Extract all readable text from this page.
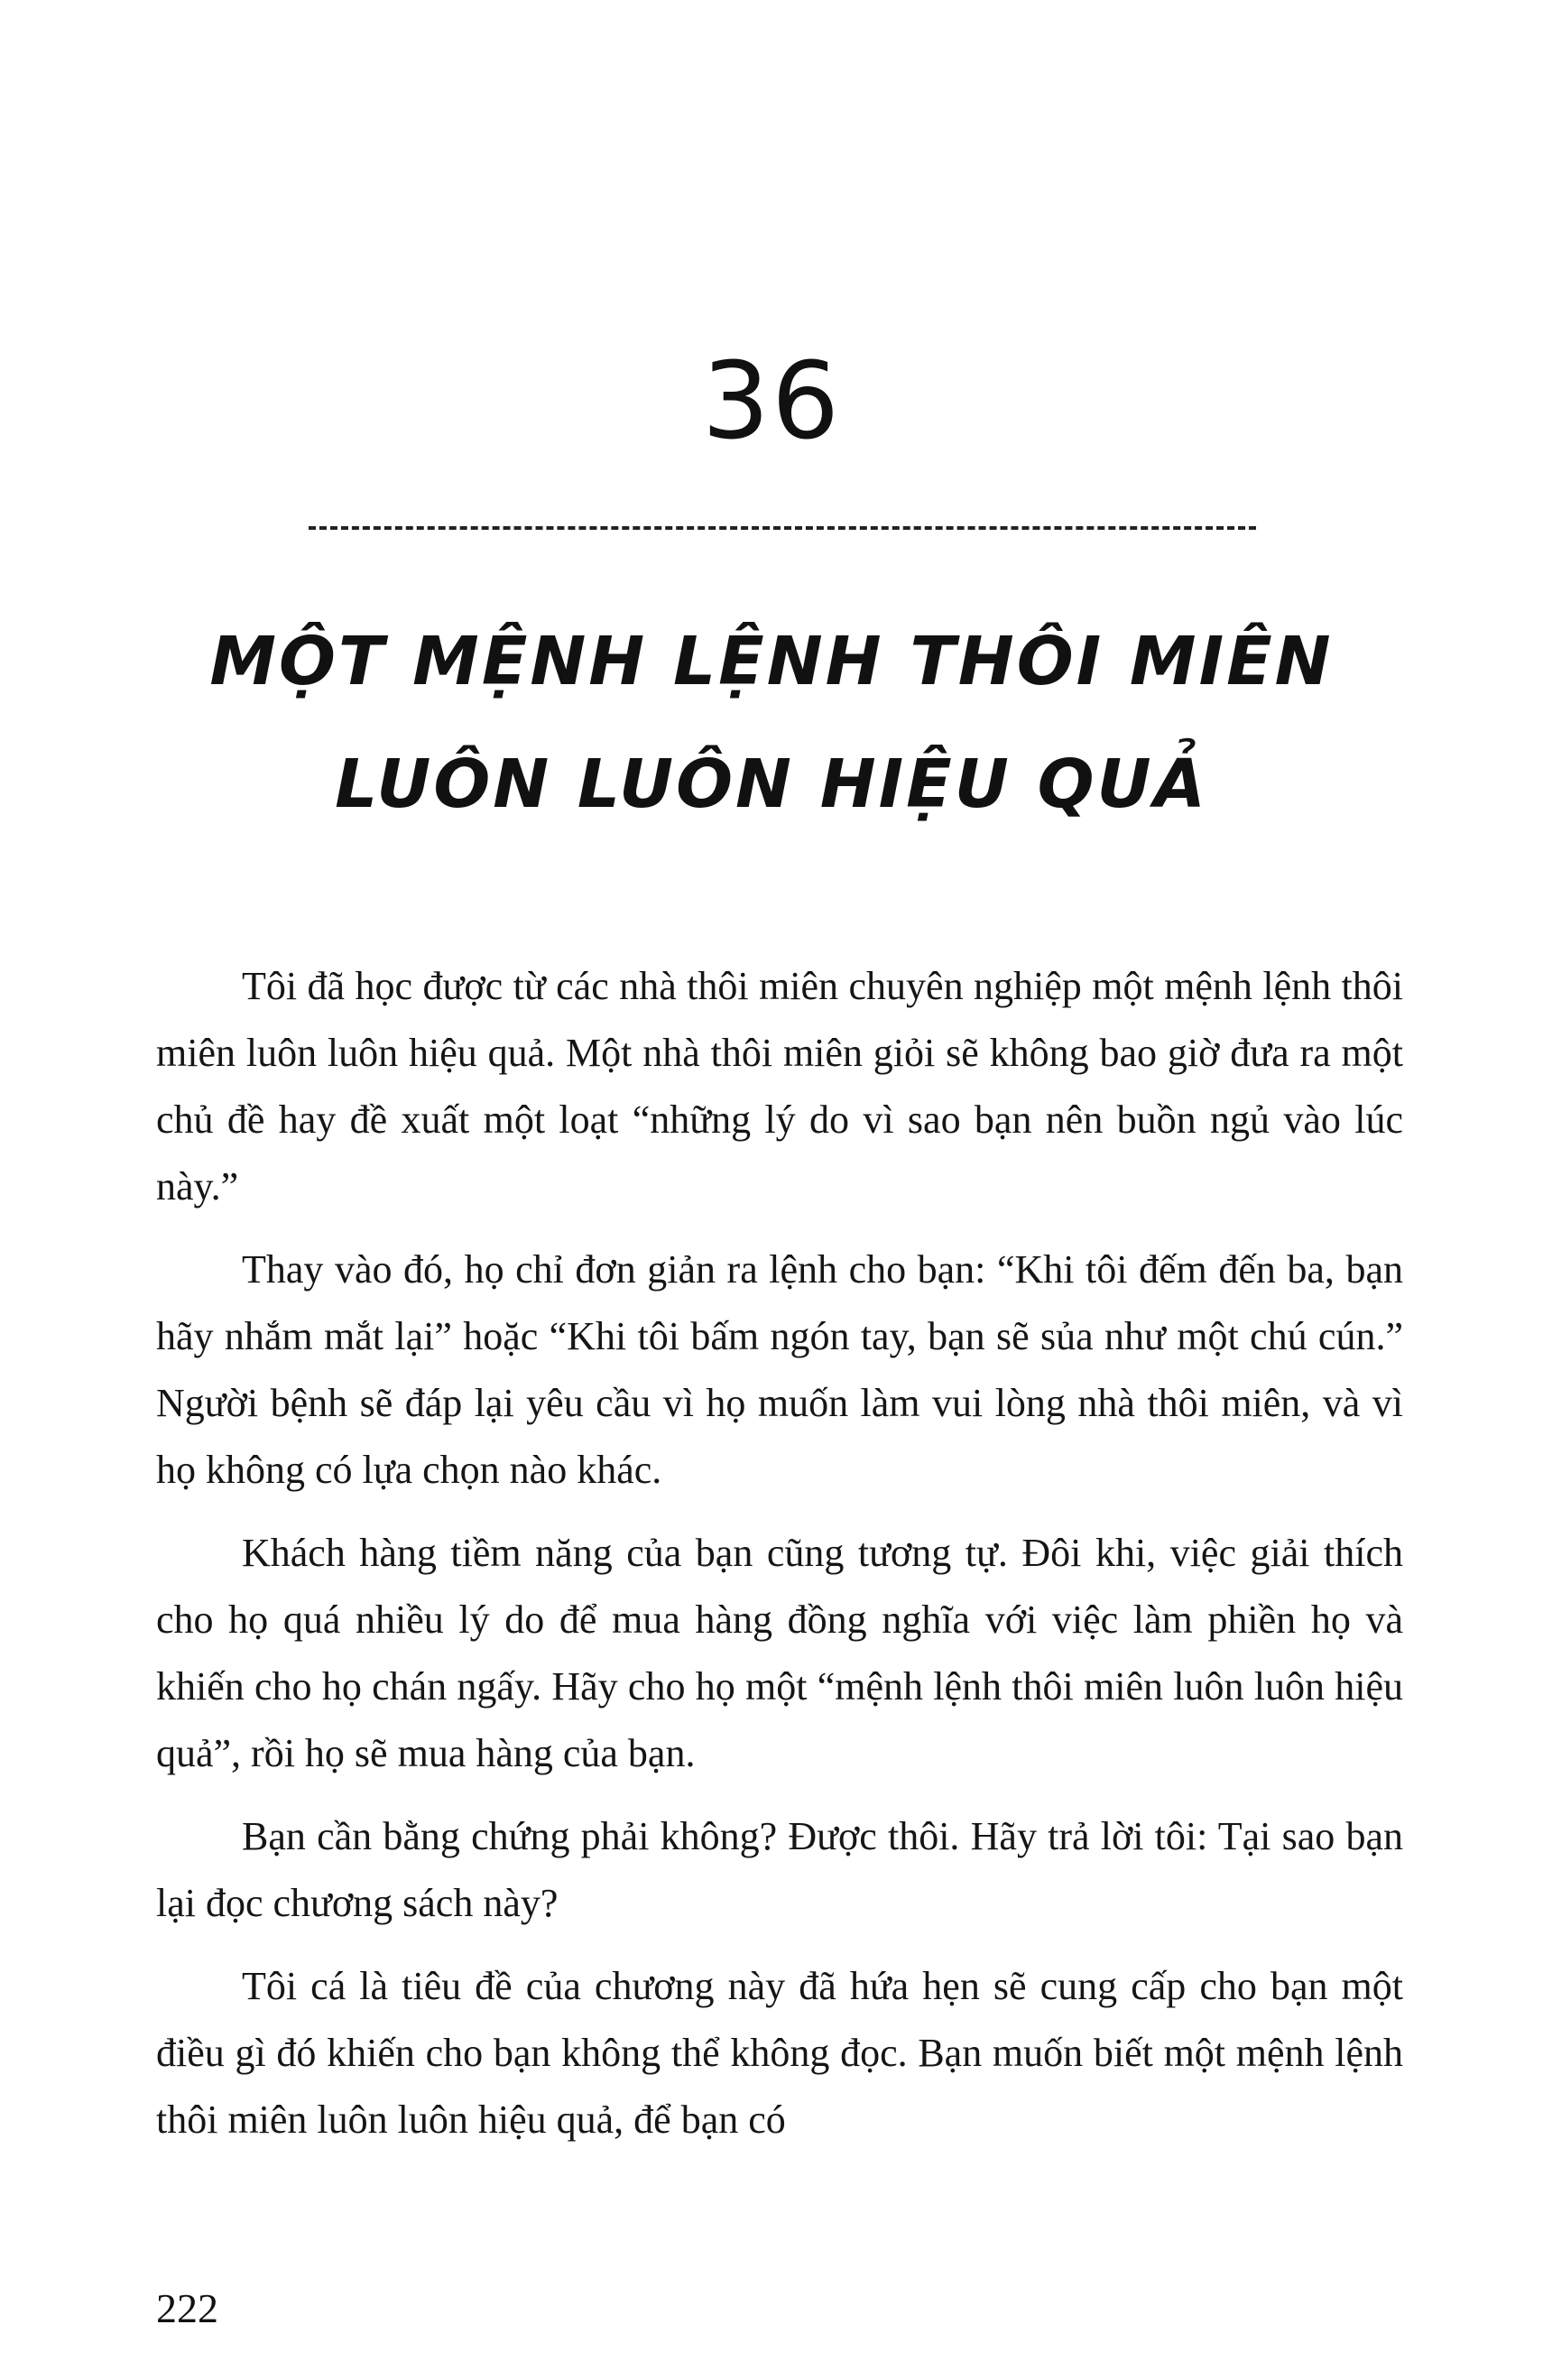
36
MỘT MỆNH LỆNH THÔI MIÊN
LUÔN LUÔN HIỆU QUẢ

Tôi đã học được từ các nhà thôi miên chuyên nghiệp một mệnh lệnh thôi miên luôn luôn hiệu quả. Một nhà thôi miên giỏi sẽ không bao giờ đưa ra một chủ đề hay đề xuất một loạt “những lý do vì sao bạn nên buồn ngủ vào lúc này.”

Thay vào đó, họ chỉ đơn giản ra lệnh cho bạn: “Khi tôi đếm đến ba, bạn hãy nhắm mắt lại” hoặc “Khi tôi bấm ngón tay, bạn sẽ sủa như một chú cún.” Người bệnh sẽ đáp lại yêu cầu vì họ muốn làm vui lòng nhà thôi miên, và vì họ không có lựa chọn nào khác.

Khách hàng tiềm năng của bạn cũng tương tự. Đôi khi, việc giải thích cho họ quá nhiều lý do để mua hàng đồng nghĩa với việc làm phiền họ và khiến cho họ chán ngấy. Hãy cho họ một “mệnh lệnh thôi miên luôn luôn hiệu quả”, rồi họ sẽ mua hàng của bạn.

Bạn cần bằng chứng phải không? Được thôi. Hãy trả lời tôi: Tại sao bạn lại đọc chương sách này?

Tôi cá là tiêu đề của chương này đã hứa hẹn sẽ cung cấp cho bạn một điều gì đó khiến cho bạn không thể không đọc. Bạn muốn biết một mệnh lệnh thôi miên luôn luôn hiệu quả, để bạn có

222
